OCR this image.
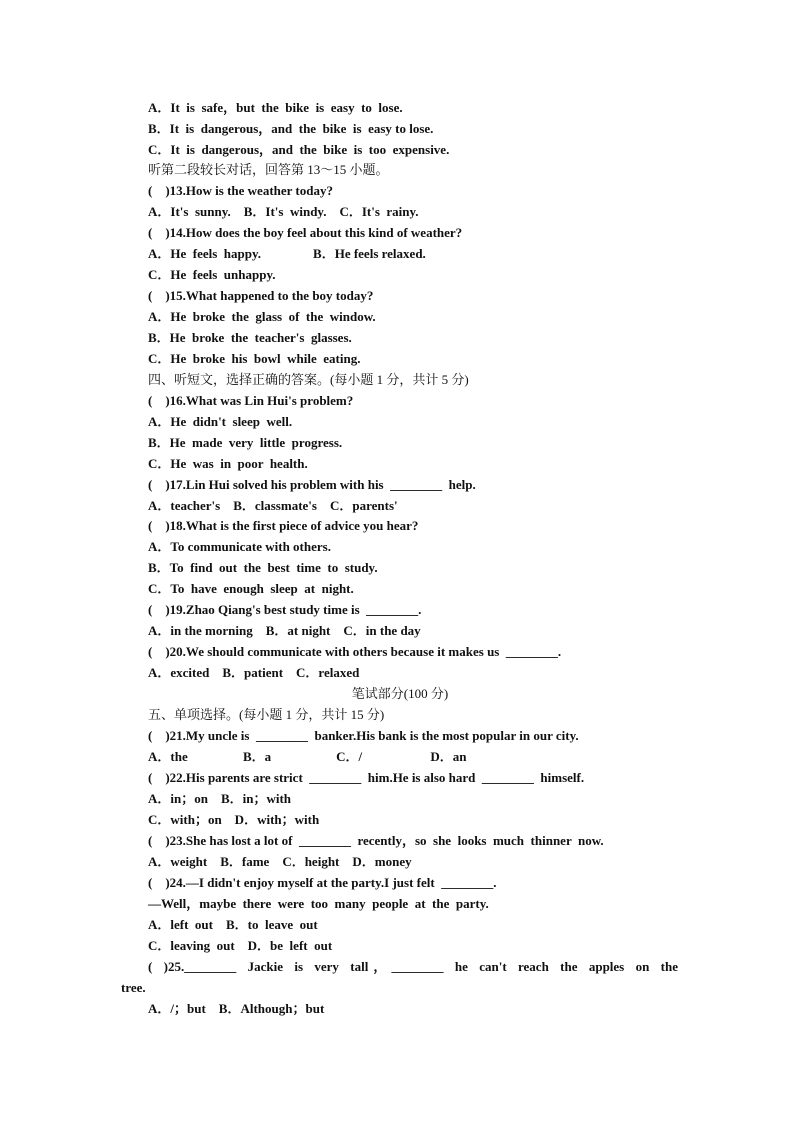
A．It  is  safe，but  the  bike  is  easy  to  lose.
B．It  is  dangerous，and  the  bike  is  easy to lose.
C．It  is  dangerous，and  the  bike  is  too  expensive.
听第二段较长对话，回答第 13～15 小题。
(    )13.How is the weather today?
A．It's  sunny.    B．It's  windy.    C．It's  rainy.
(    )14.How does the boy feel about this kind of weather?
A．He  feels  happy.                B．He feels relaxed.
C．He  feels  unhappy.
(    )15.What happened to the boy today?
A．He  broke  the  glass  of  the  window.
B．He  broke  the  teacher's  glasses.
C．He  broke  his  bowl  while  eating.
四、听短文，选择正确的答案。(每小题 1 分，共计 5 分)
(    )16.What was Lin Hui's problem?
A．He  didn't  sleep  well.
B．He  made  very  little  progress.
C．He  was  in  poor  health.
(    )17.Lin Hui solved his problem with his  ________  help.
A．teacher's    B．classmate's    C．parents'
(    )18.What is the first piece of advice you hear?
A．To communicate with others.
B．To  find  out  the  best  time  to  study.
C．To  have  enough  sleep  at  night.
(    )19.Zhao Qiang's best study time is  ________.
A．in the morning    B．at night    C．in the day
(    )20.We should communicate with others because it makes us  ________.
A．excited    B．patient    C．relaxed
笔试部分(100 分)
五、单项选择。(每小题 1 分，共计 15 分)
(    )21.My uncle is  ________  banker.His bank is the most popular in our city.
A．the                 B．a                    C．/                     D．an
(    )22.His parents are strict  ________  him.He is also hard  ________  himself.
A．in；on    B．in；with
C．with；on    D．with；with
(    )23.She has lost a lot of  ________  recently，so  she  looks  much  thinner  now.
A．weight    B．fame    C．height    D．money
(    )24.—I didn't enjoy myself at the party.I just felt  ________.
—Well，maybe  there  were  too  many  people  at  the  party.
A．left  out    B．to  leave  out
C．leaving  out    D．be  left  out
( )25.________ Jackie is very tall，________ he can't reach the apples on the
tree.
A．/；but    B．Although；but
